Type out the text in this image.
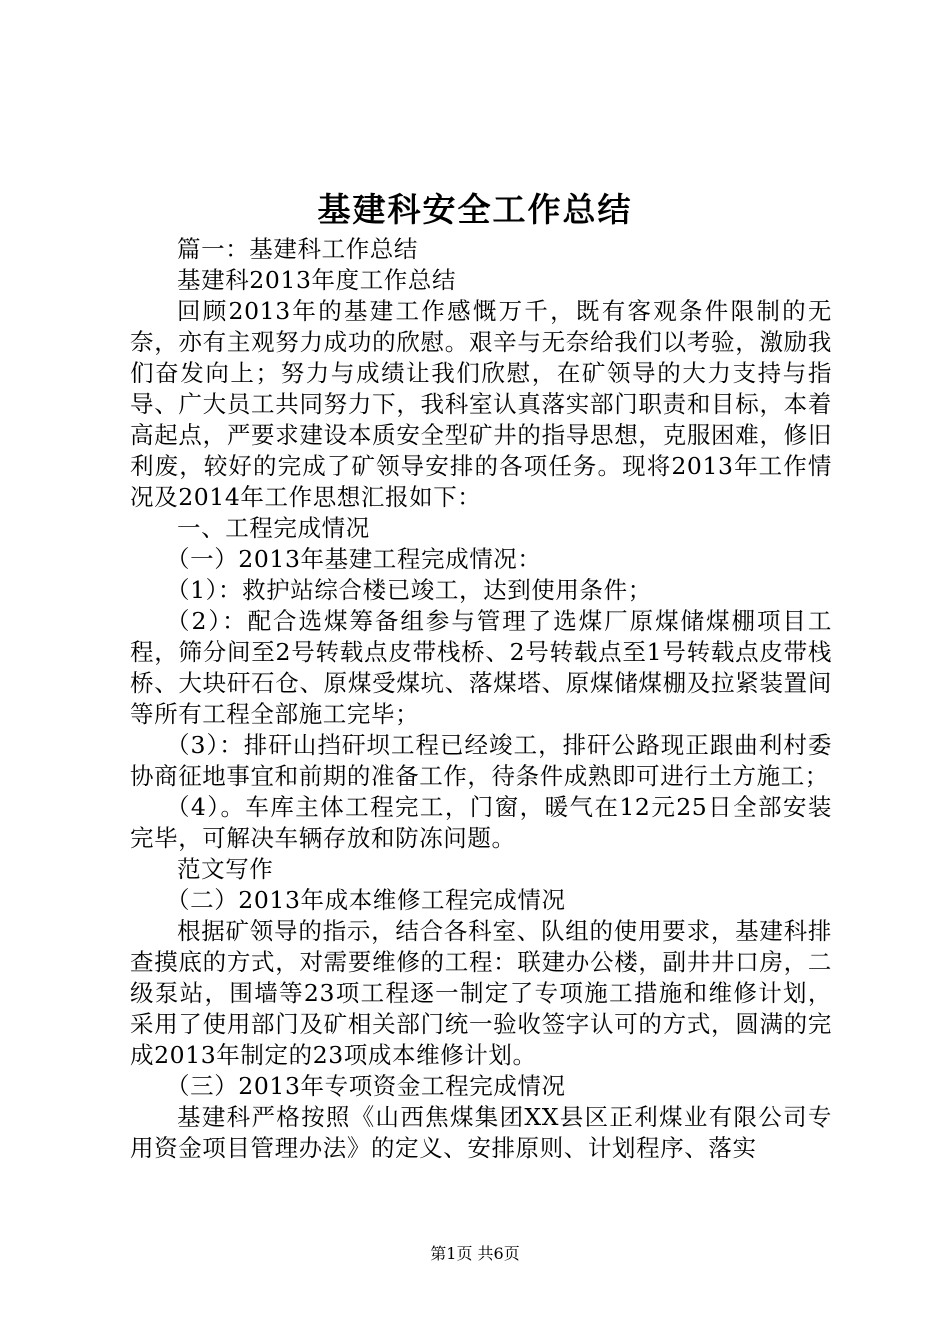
基建科安全工作总结

篇一：基建科工作总结

基建科2013年度工作总结

回顾2013年的基建工作感慨万千，既有客观条件限制的无奈，亦有主观努力成功的欣慰。艰辛与无奈给我们以考验，激励我们奋发向上；努力与成绩让我们欣慰，在矿领导的大力支持与指导、广大员工共同努力下，我科室认真落实部门职责和目标，本着高起点，严要求建设本质安全型矿井的指导思想，克服困难，修旧利废，较好的完成了矿领导安排的各项任务。现将2013年工作情况及2014年工作思想汇报如下：

一、工程完成情况

（一）2013年基建工程完成情况：

（1）：救护站综合楼已竣工，达到使用条件；

（2）：配合选煤筹备组参与管理了选煤厂原煤储煤棚项目工程，筛分间至2号转载点皮带栈桥、2号转载点至1号转载点皮带栈桥、大块矸石仓、原煤受煤坑、落煤塔、原煤储煤棚及拉紧装置间等所有工程全部施工完毕；

（3）：排矸山挡矸坝工程已经竣工，排矸公路现正跟曲利村委协商征地事宜和前期的准备工作，待条件成熟即可进行土方施工；

（4）。车库主体工程完工，门窗，暖气在12元25日全部安装完毕，可解决车辆存放和防冻问题。

范文写作

（二）2013年成本维修工程完成情况

根据矿领导的指示，结合各科室、队组的使用要求，基建科排查摸底的方式，对需要维修的工程：联建办公楼，副井井口房，二级泵站，围墙等23项工程逐一制定了专项施工措施和维修计划，采用了使用部门及矿相关部门统一验收签字认可的方式，圆满的完成2013年制定的23项成本维修计划。

（三）2013年专项资金工程完成情况

基建科严格按照《山西焦煤集团XX县区正利煤业有限公司专用资金项目管理办法》的定义、安排原则、计划程序、落实

第1页 共6页
